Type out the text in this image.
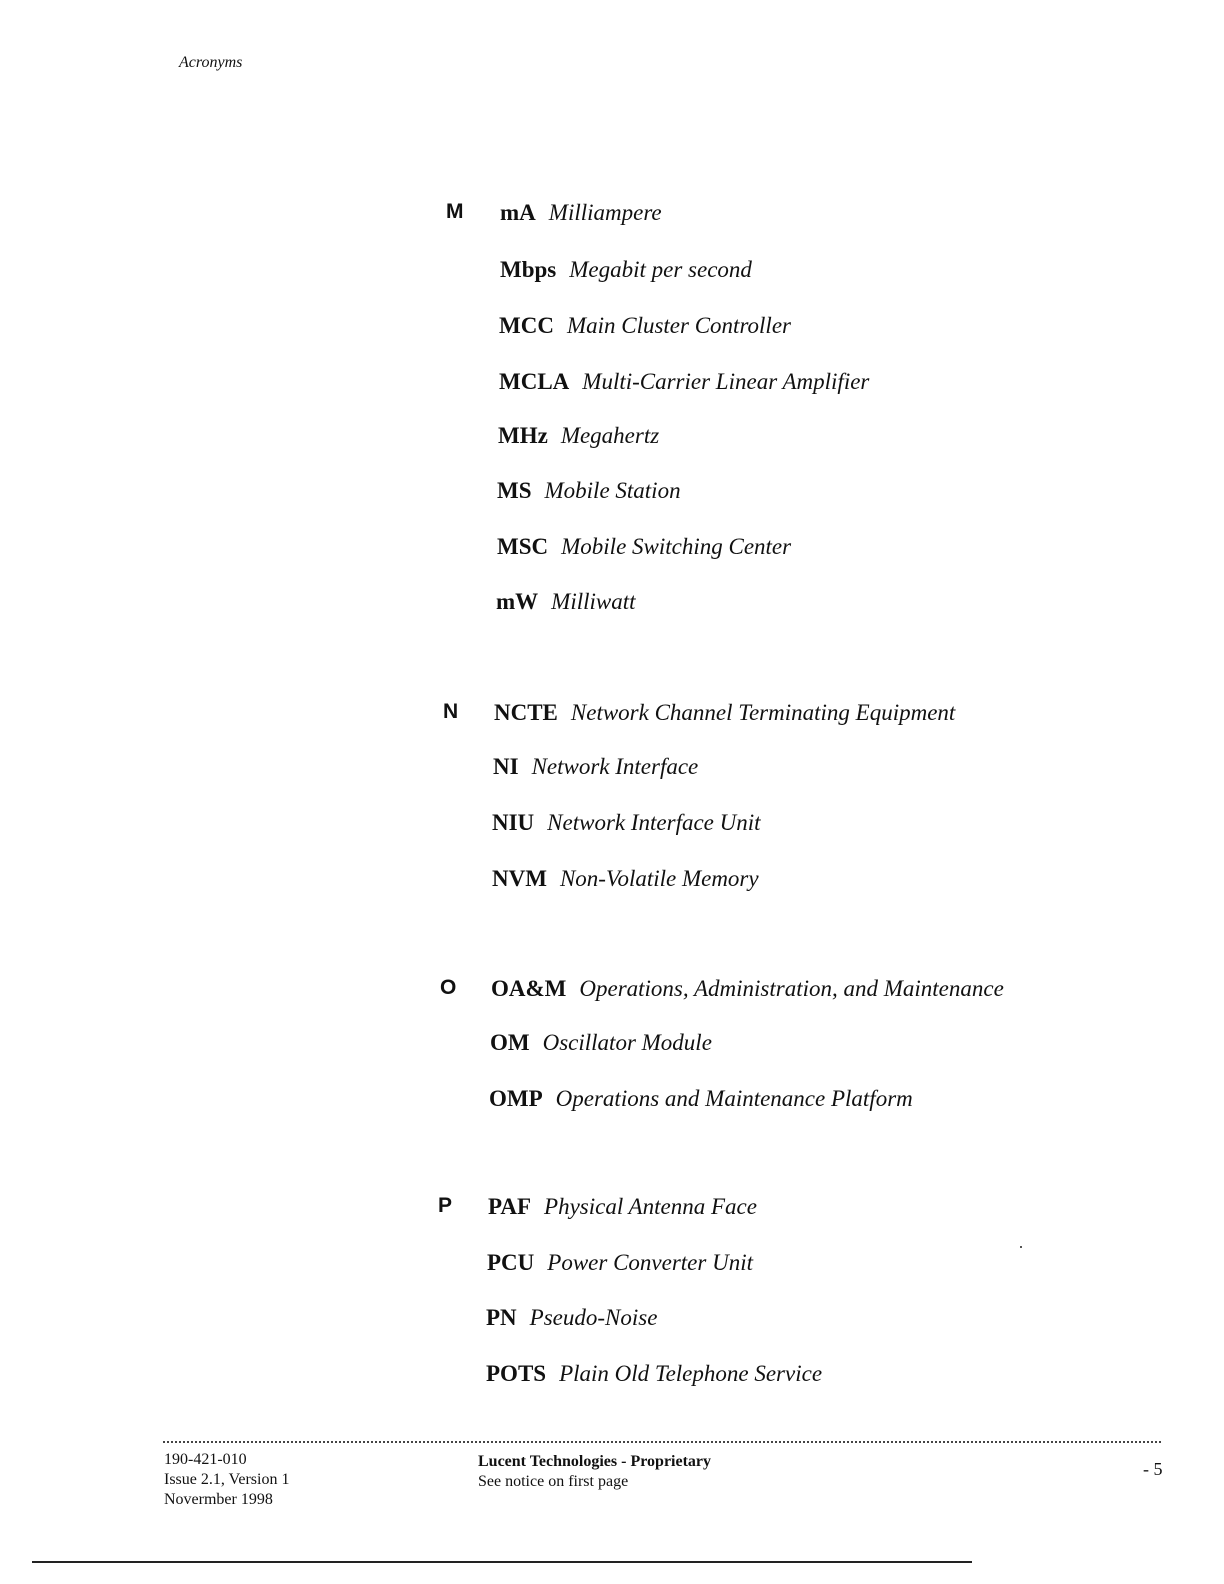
Acronyms
M mA Milliampere
Mbps Megabit per second
MCC Main Cluster Controller
MCLA Multi-Carrier Linear Amplifier
MHz Megahertz
MS Mobile Station
MSC Mobile Switching Center
mW Milliwatt
N NCTE Network Channel Terminating Equipment
NI Network Interface
NIU Network Interface Unit
NVM Non-Volatile Memory
O OA&M Operations, Administration, and Maintenance
OM Oscillator Module
OMP Operations and Maintenance Platform
P PAF Physical Antenna Face
PCU Power Converter Unit
PN Pseudo-Noise
POTS Plain Old Telephone Service
190-421-010
Issue 2.1, Version 1
Novermber 1998
Lucent Technologies - Proprietary
See notice on first page
- 5
